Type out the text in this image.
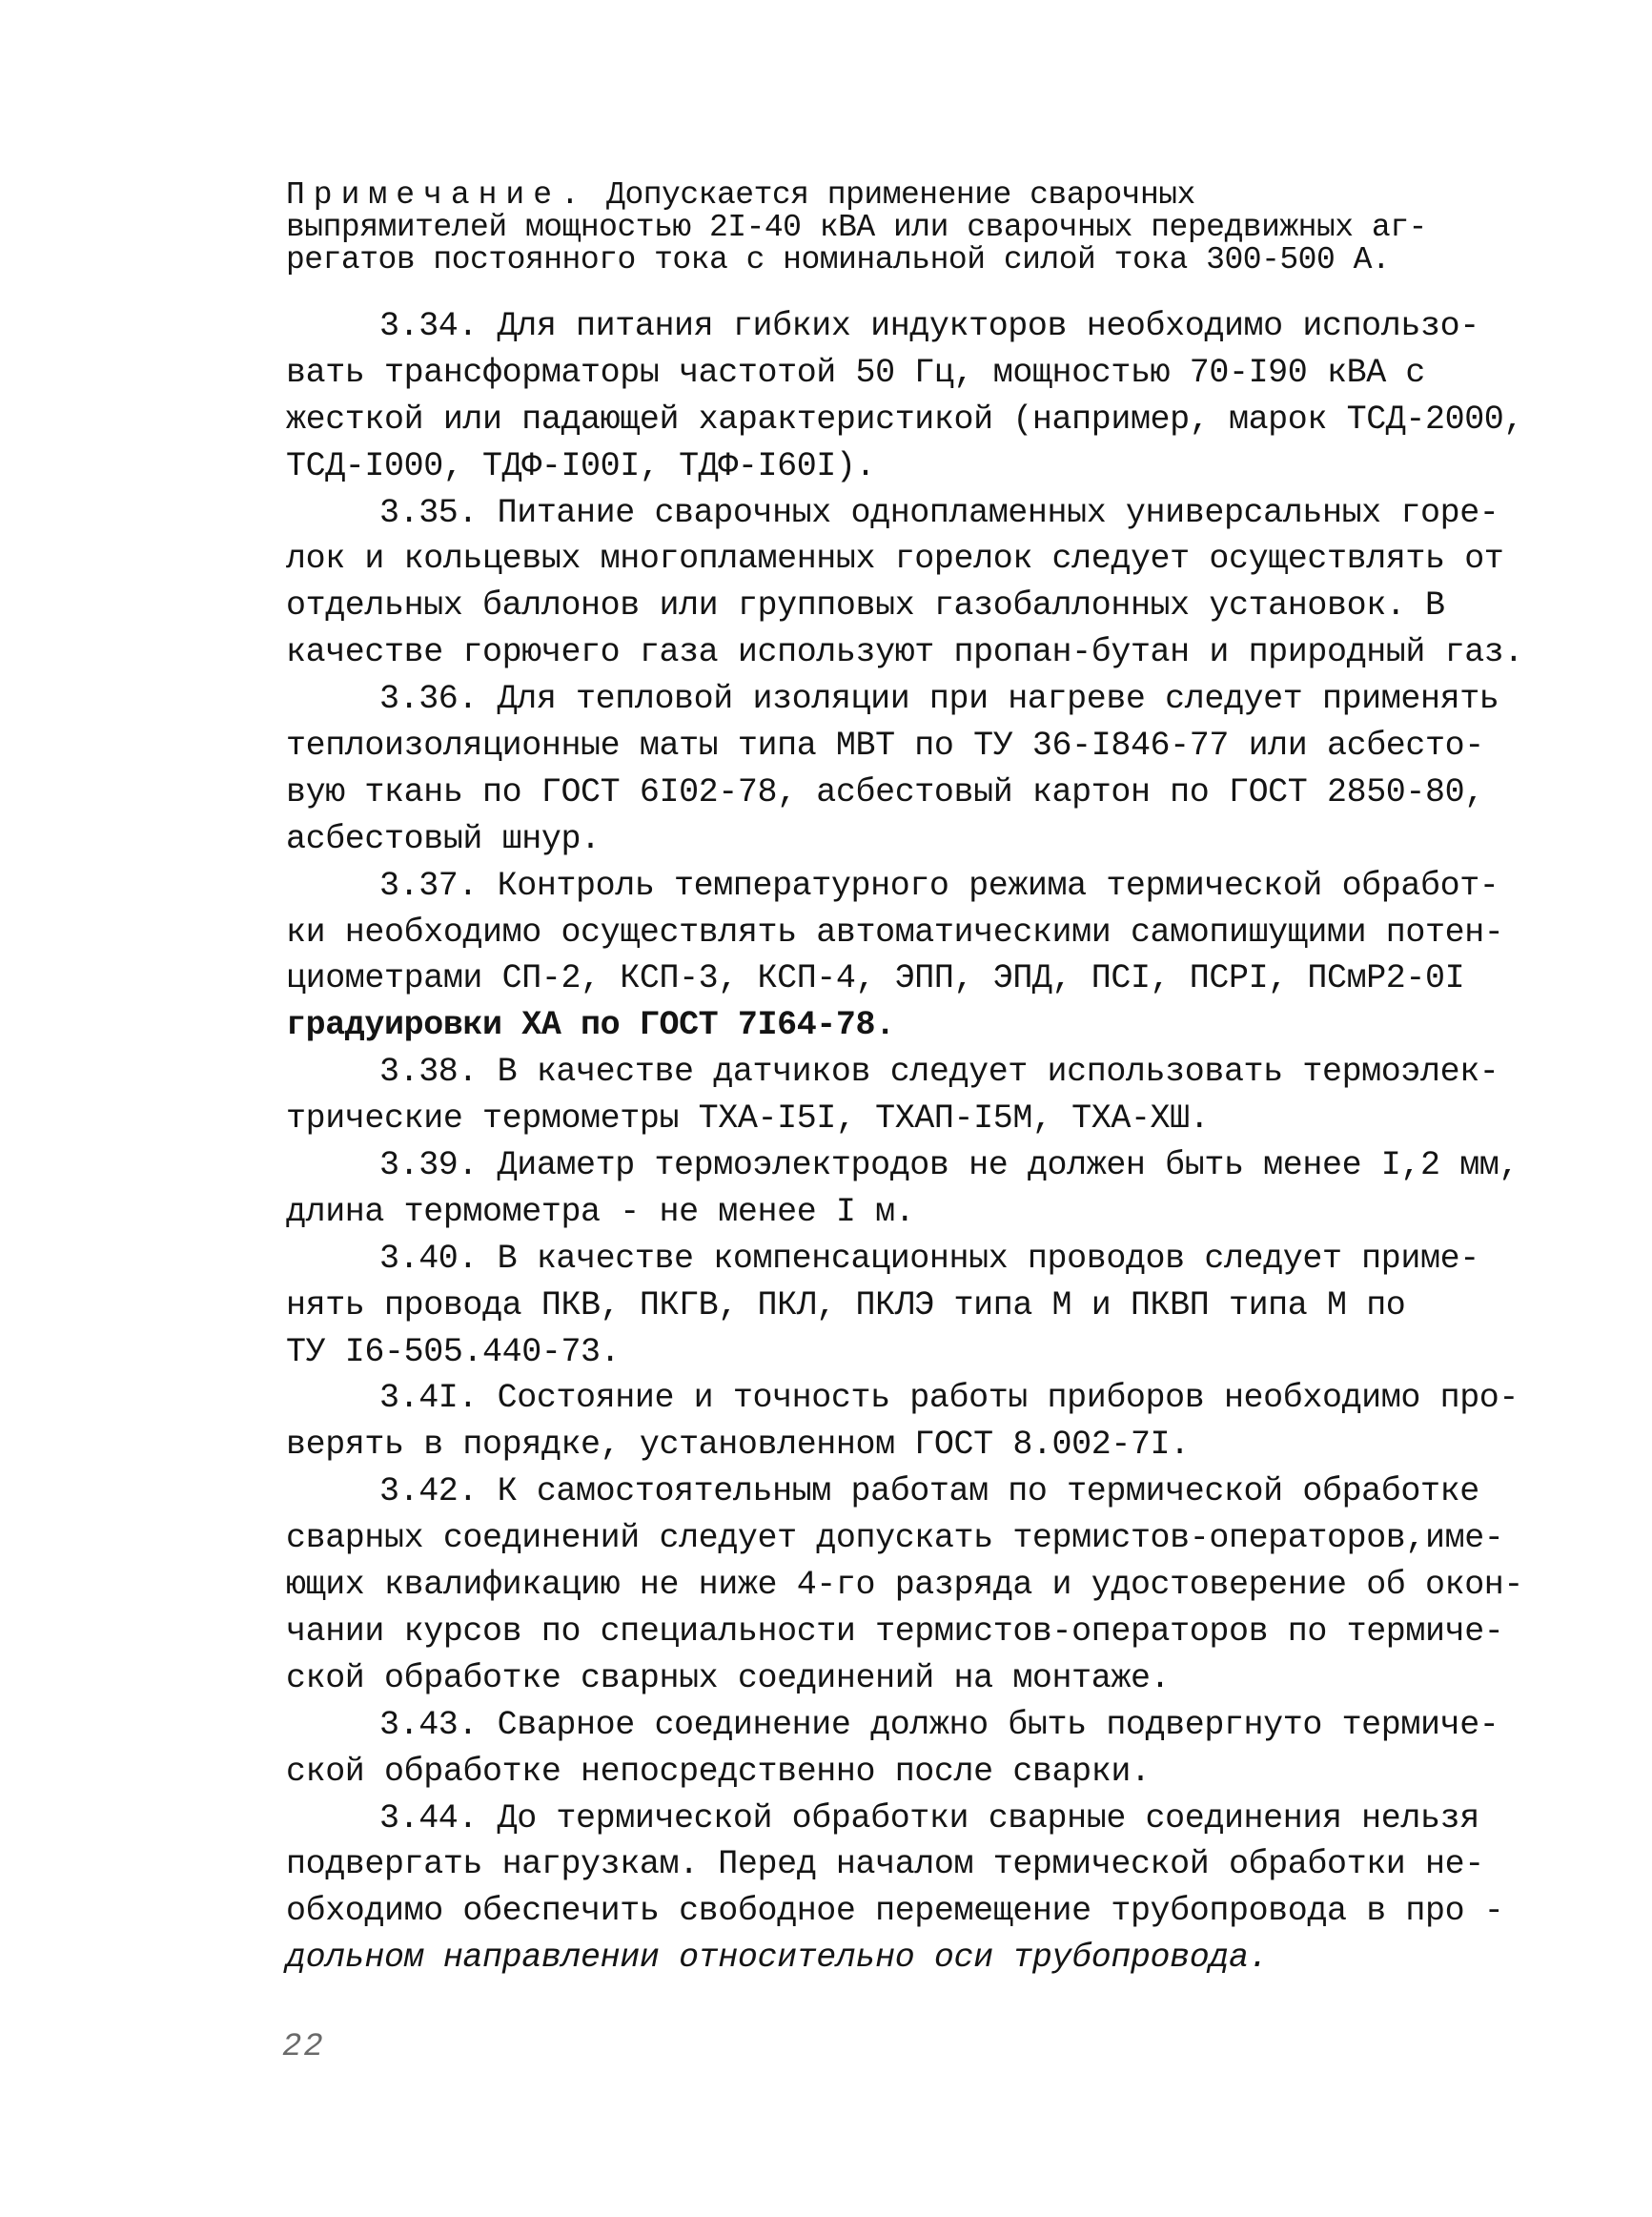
Примечание. Допускается применение сварочных
выпрямителей мощностью 2I-40 кВА или сварочных передвижных аг-
регатов постоянного тока с номинальной силой тока 300-500 А.
3.34. Для питания гибких индукторов необходимо использо-
вать трансформаторы частотой 50 Гц, мощностью 70-I90 кВА с
жесткой или падающей характеристикой (например, марок ТСД-2000,
ТСД-I000, ТДФ-I00I, ТДФ-I60I).
3.35. Питание сварочных однопламенных универсальных горе-
лок и кольцевых многопламенных горелок следует осуществлять от
отдельных баллонов или групповых газобаллонных установок. В
качестве горючего газа используют пропан-бутан и природный газ.
3.36. Для тепловой изоляции при нагреве следует применять
теплоизоляционные маты типа МВТ по ТУ 36-I846-77 или асбесто-
вую ткань по ГОСТ 6I02-78, асбестовый картон по ГОСТ 2850-80,
асбестовый шнур.
3.37. Контроль температурного режима термической обработ-
ки необходимо осуществлять автоматическими самопишущими потен-
циометрами СП-2, КСП-3, КСП-4, ЭПП, ЭПД, ПСI, ПСРI, ПСмР2-0I
градуировки ХА по ГОСТ 7I64-78.
3.38. В качестве датчиков следует использовать термоэлек-
трические термометры ТХА-I5I, ТХАП-I5М, ТХА-ХШ.
3.39. Диаметр термоэлектродов не должен быть менее I,2 мм,
длина термометра - не менее I м.
3.40. В качестве компенсационных проводов следует приме-
нять провода ПКВ, ПКГВ, ПКЛ, ПКЛЭ типа М и ПКВП типа М по
ТУ I6-505.440-73.
3.4I. Состояние и точность работы приборов необходимо про-
верять в порядке, установленном ГОСТ 8.002-7I.
3.42. К самостоятельным работам по термической обработке
сварных соединений следует допускать термистов-операторов,име-
ющих квалификацию не ниже 4-го разряда и удостоверение об окон-
чании курсов по специальности термистов-операторов по термиче-
ской обработке сварных соединений на монтаже.
3.43. Сварное соединение должно быть подвергнуто термиче-
ской обработке непосредственно после сварки.
3.44. До термической обработки сварные соединения нельзя
подвергать нагрузкам. Перед началом термической обработки не-
обходимо обеспечить свободное перемещение трубопровода в про -
дольном направлении относительно оси трубопровода.
22
